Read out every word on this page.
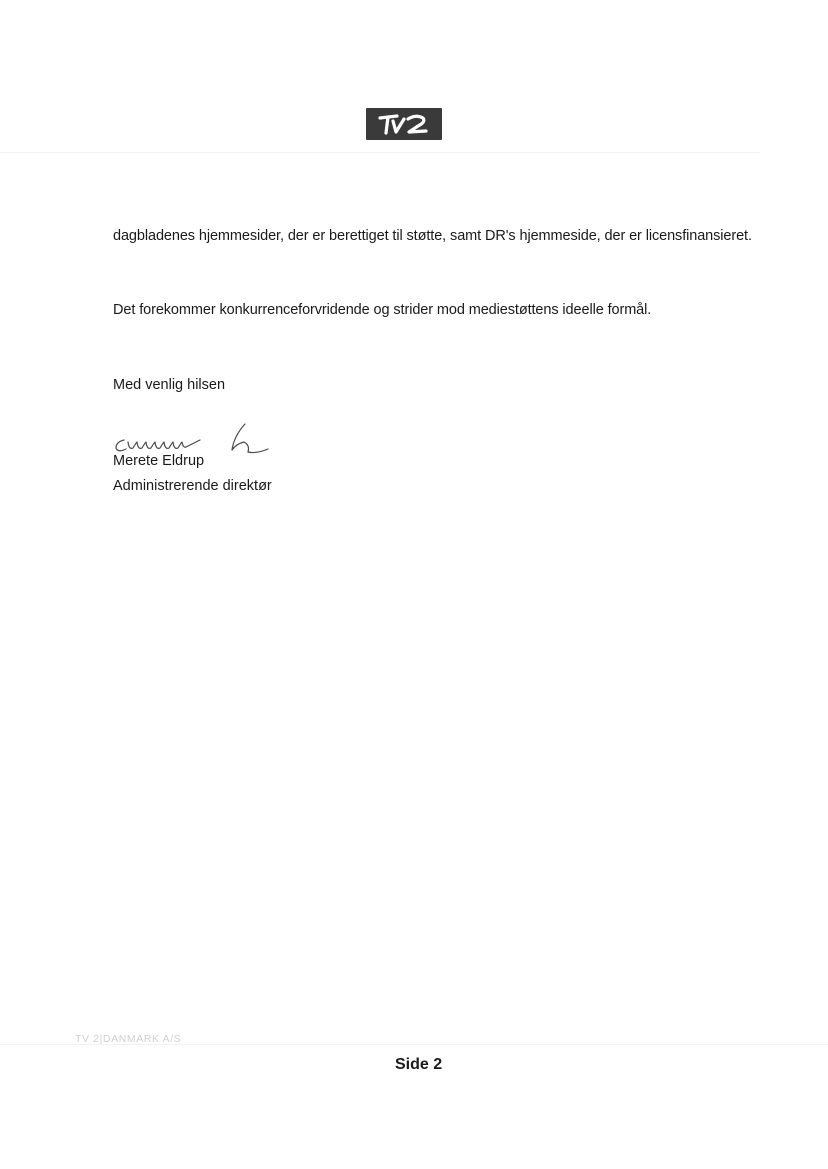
dagbladenes hjemmesider, der er berettiget til støtte, samt DR's hjemmeside, der er licensfinansieret.

Det forekommer konkurrenceforvridende og strider mod mediestøttens ideelle formål.

Med venlig hilsen
Merete Eldrup
Administrerende direktør
TV 2|DANMARK A/S
Side 2
